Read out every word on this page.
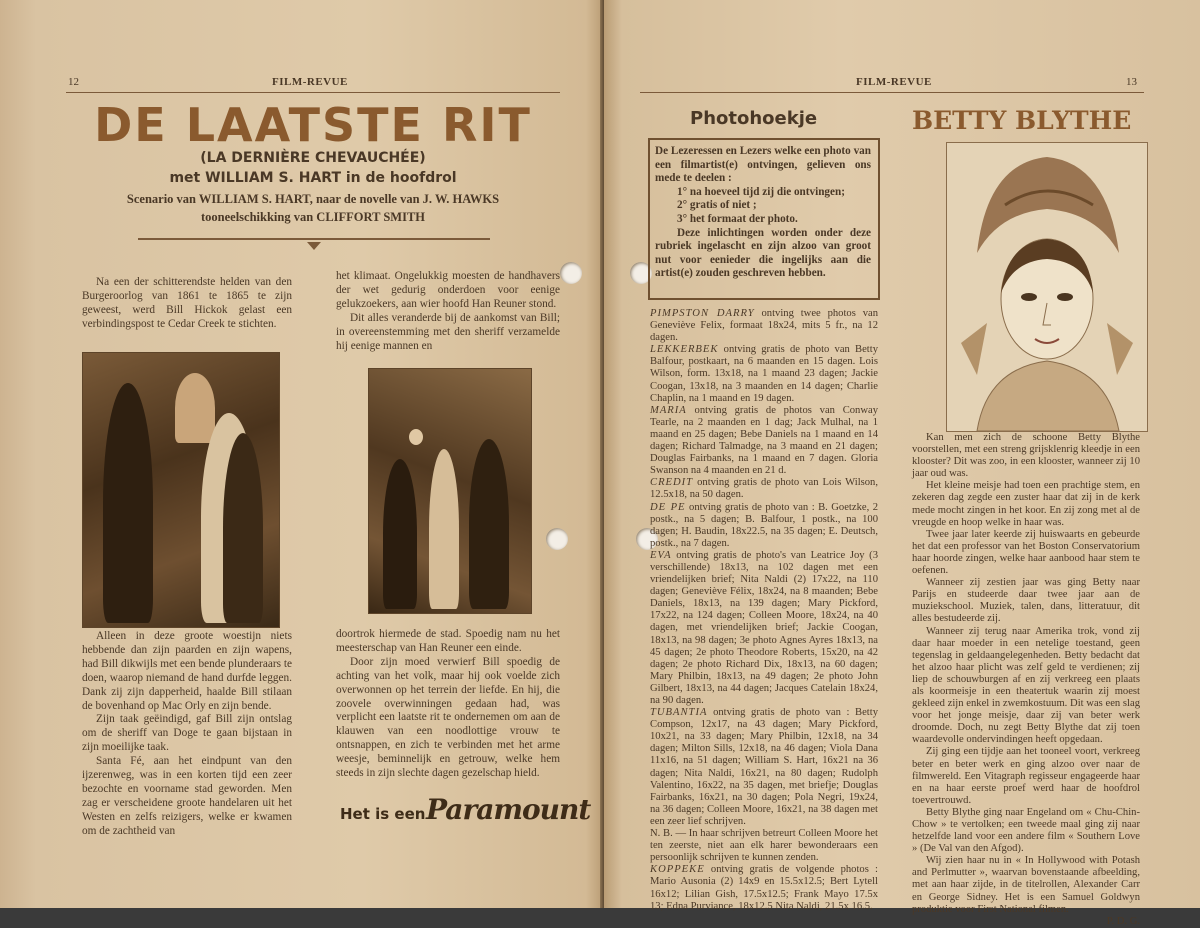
12	FILM-REVUE
DE LAATSTE RIT
(LA DERNIÈRE CHEVAUCHÉE)
met WILLIAM S. HART in de hoofdrol
Scenario van WILLIAM S. HART, naar de novelle van J. W. HAWKS
tooneelschikking van CLIFFORT SMITH

Na een der schitterendste helden van den Burgeroorlog van 1861 te 1865 te zijn geweest, werd Bill Hickok gelast een verbindingspost te Cedar Creek te stichten.

het klimaat. Ongelukkig moesten de handhavers der wet gedurig onderdoen voor eenige gelukzoekers, aan wier hoofd Han Reuner stond.

Dit alles veranderde bij de aankomst van Bill; in overeenstemming met den sheriff verzamelde hij eenige mannen en

Alleen in deze groote woestijn niets hebbende dan zijn paarden en zijn wapens, had Bill dikwijls met een bende plunderaars te doen, waarop niemand de hand durfde leggen. Dank zij zijn dapperheid, haalde Bill stilaan de bovenhand op Mac Orly en zijn bende.

Zijn taak geëindigd, gaf Bill zijn ontslag om de sheriff van Doge te gaan bijstaan in zijn moeilijke taak.

Santa Fé, aan het eindpunt van den ijzerenweg, was in een korten tijd een zeer bezochte en voorname stad geworden. Men zag er verscheidene groote handelaren uit het Westen en zelfs reizigers, welke er kwamen om de zachtheid van

doortrok hiermede de stad. Spoedig nam nu het meesterschap van Han Reuner een einde.

Door zijn moed verwierf Bill spoedig de achting van het volk, maar hij ook voelde zich overwonnen op het terrein der liefde. En hij, die zoovele overwinningen gedaan had, was verplicht een laatste rit te ondernemen om aan de klauwen van een noodlottige vrouw te ontsnappen, en zich te verbinden met het arme weesje, beminnelijk en getrouw, welke hem steeds in zijn slechte dagen gezelschap hield.

Het is een Paramount
FILM-REVUE	13
Photohoekje	BETTY BLYTHE

De Lezeressen en Lezers welke een photo van een filmartist(e) ontvingen, gelieven ons mede te deelen :

1° na hoeveel tijd zij die ontvingen;

2° gratis of niet ;

3° het formaat der photo.

Deze inlichtingen worden onder deze rubriek ingelascht en zijn alzoo van groot nut voor eenieder die ingelijks aan die artist(e) zouden geschreven hebben.

PIMPSTON DARRY ontving twee photos van Geneviève Felix, formaat 18x24, mits 5 fr., na 12 dagen.

LEKKERBEK ontving gratis de photo van Betty Balfour, postkaart, na 6 maanden en 15 dagen. Lois Wilson, form. 13x18, na 1 maand 23 dagen; Jackie Coogan, 13x18, na 3 maanden en 14 dagen; Charlie Chaplin, na 1 maand en 19 dagen.

MARIA ontving gratis de photos van Conway Tearle, na 2 maanden en 1 dag; Jack Mulhal, na 1 maand en 25 dagen; Bebe Daniels na 1 maand en 14 dagen; Richard Talmadge, na 3 maand en 21 dagen; Douglas Fairbanks, na 1 maand en 7 dagen. Gloria Swanson na 4 maanden en 21 d.

CREDIT ontving gratis de photo van Lois Wilson, 12.5x18, na 50 dagen.

DE PE ontving gratis de photo van : B. Goetzke, 2 postk., na 5 dagen; B. Balfour, 1 postk., na 100 dagen; H. Baudin, 18x22.5, na 35 dagen; E. Deutsch, postk., na 7 dagen.

EVA ontving gratis de photo's van Leatrice Joy (3 verschillende) 18x13, na 102 dagen met een vriendelijken brief; Nita Naldi (2) 17x22, na 110 dagen; Geneviève Félix, 18x24, na 8 maanden; Bebe Daniels, 18x13, na 139 dagen; Mary Pickford, 17x22, na 124 dagen; Colleen Moore, 18x24, na 40 dagen, met vriendelijken brief; Jackie Coogan, 18x13, na 98 dagen; 3e photo Agnes Ayres 18x13, na 45 dagen; 2e photo Theodore Roberts, 15x20, na 42 dagen; 2e photo Richard Dix, 18x13, na 60 dagen; Mary Philbin, 18x13, na 49 dagen; 2e photo John Gilbert, 18x13, na 44 dagen; Jacques Catelain 18x24, na 90 dagen.

TUBANTIA ontving gratis de photo van : Betty Compson, 12x17, na 43 dagen; Mary Pickford, 10x21, na 33 dagen; Mary Philbin, 12x18, na 34 dagen; Milton Sills, 12x18, na 46 dagen; Viola Dana 11x16, na 51 dagen; William S. Hart, 16x21 na 36 dagen; Nita Naldi, 16x21, na 80 dagen; Rudolph Valentino, 16x22, na 35 dagen, met briefje; Douglas Fairbanks, 16x21, na 30 dagen; Pola Negri, 19x24, na 36 dagen; Colleen Moore, 16x21, na 38 dagen met een zeer lief schrijven.

N. B. — In haar schrijven betreurt Colleen Moore het ten zeerste, niet aan elk harer bewonderaars een persoonlijk schrijven te kunnen zenden.

KOPPEKE ontving gratis de volgende photos : Mario Ausonia (2) 14x9 en 15.5x12.5; Bert Lytell 16x12; Lilian Gish, 17.5x12.5; Frank Mayo 17.5x 13; Edna Purviance, 18x12.5 Nita Naldi, 21.5x 16.5.

Kan men zich de schoone Betty Blythe voorstellen, met een streng grijsklenrig kleedje in een klooster? Dit was zoo, in een klooster, wanneer zij 10 jaar oud was.

Het kleine meisje had toen een prachtige stem, en zekeren dag zegde een zuster haar dat zij in de kerk mede mocht zingen in het koor. En zij zong met al de vreugde en hoop welke in haar was.

Twee jaar later keerde zij huiswaarts en gebeurde het dat een professor van het Boston Conservatorium haar hoorde zingen, welke haar aanbood haar stem te oefenen.

Wanneer zij zestien jaar was ging Betty naar Parijs en studeerde daar twee jaar aan de muziekschool. Muziek, talen, dans, litteratuur, dit alles bestudeerde zij.

Wanneer zij terug naar Amerika trok, vond zij daar haar moeder in een netelige toestand, geen tegenslag in geldaangelegenheden. Betty bedacht dat het alzoo haar plicht was zelf geld te verdienen; zij liep de schouwburgen af en zij verkreeg een plaats als koormeisje in een theatertuk waarin zij moest gekleed zijn enkel in zwemkostuum. Dit was een slag voor het jonge meisje, daar zij van beter werk droomde. Doch, nu zegt Betty Blythe dat zij toen waardevolle ondervindingen heeft opgedaan.

Zij ging een tijdje aan het tooneel voort, verkreeg beter en beter werk en ging alzoo over naar de filmwereld. Een Vitagraph regisseur engageerde haar en na haar eerste proef werd haar de hoofdrol toevertrouwd.

Betty Blythe ging naar Engeland om « Chu-Chin-Chow » te vertolken; een tweede maal ging zij naar hetzelfde land voor een andere film « Southern Love » (De Val van den Afgod).

Wij zien haar nu in « In Hollywood with Potash and Perlmutter », waarvan bovenstaande afbeelding, met aan haar zijde, in de titelrollen, Alexander Carr en George Sidney. Het is een Samuel Goldwyn produktie voor First National filmen.

P. D. G.
